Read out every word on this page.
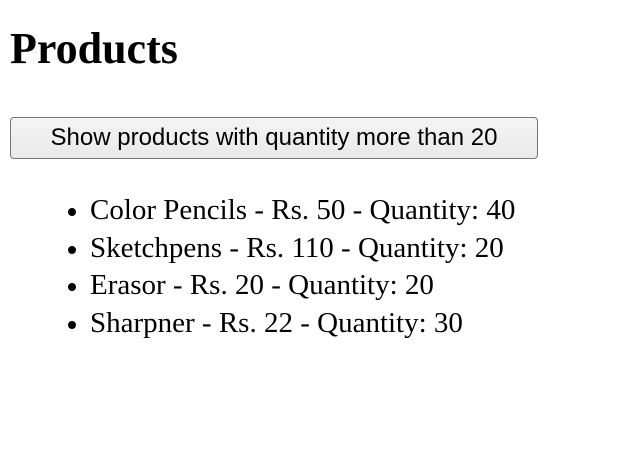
Products
Show products with quantity more than 20
• Color Pencils - Rs. 50 - Quantity: 40
• Sketchpens - Rs. 110 - Quantity: 20
• Erasor - Rs. 20 - Quantity: 20
• Sharpner - Rs. 22 - Quantity: 30
